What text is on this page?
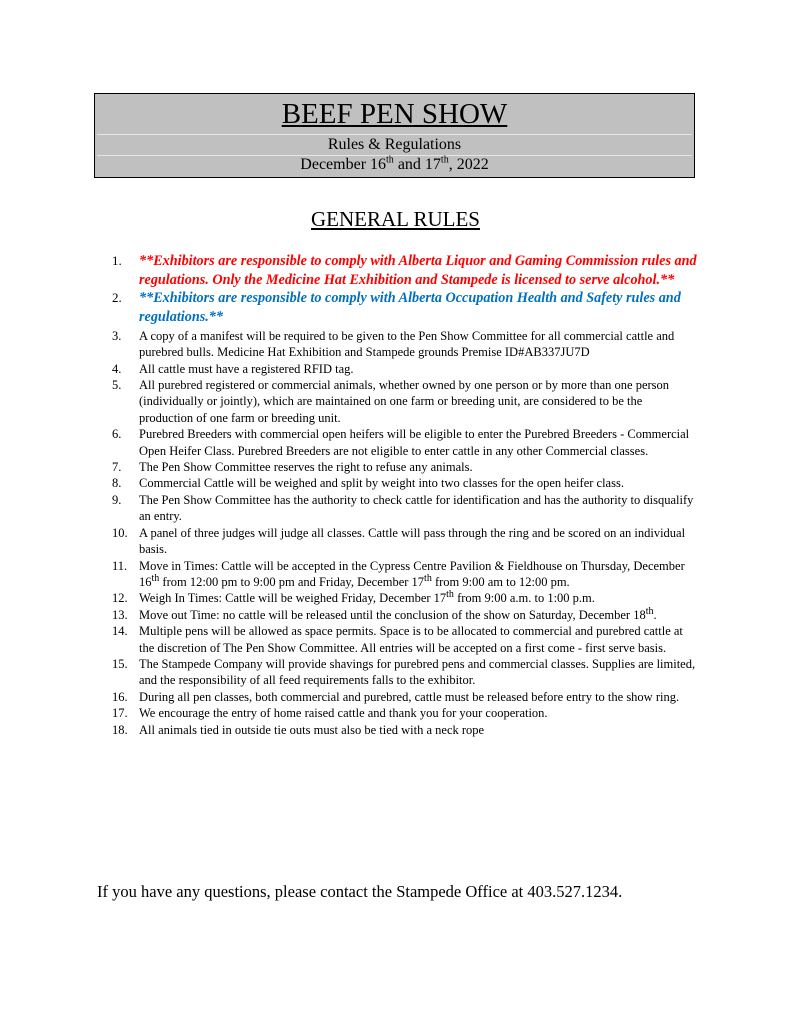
BEEF PEN SHOW
Rules & Regulations
December 16th and 17th, 2022
GENERAL RULES
1. **Exhibitors are responsible to comply with Alberta Liquor and Gaming Commission rules and regulations. Only the Medicine Hat Exhibition and Stampede is licensed to serve alcohol.**
2. **Exhibitors are responsible to comply with Alberta Occupation Health and Safety rules and regulations.**
3. A copy of a manifest will be required to be given to the Pen Show Committee for all commercial cattle and purebred bulls. Medicine Hat Exhibition and Stampede grounds Premise ID#AB337JU7D
4. All cattle must have a registered RFID tag.
5. All purebred registered or commercial animals, whether owned by one person or by more than one person (individually or jointly), which are maintained on one farm or breeding unit, are considered to be the production of one farm or breeding unit.
6. Purebred Breeders with commercial open heifers will be eligible to enter the Purebred Breeders - Commercial Open Heifer Class. Purebred Breeders are not eligible to enter cattle in any other Commercial classes.
7. The Pen Show Committee reserves the right to refuse any animals.
8. Commercial Cattle will be weighed and split by weight into two classes for the open heifer class.
9. The Pen Show Committee has the authority to check cattle for identification and has the authority to disqualify an entry.
10. A panel of three judges will judge all classes. Cattle will pass through the ring and be scored on an individual basis.
11. Move in Times: Cattle will be accepted in the Cypress Centre Pavilion & Fieldhouse on Thursday, December 16th from 12:00 pm to 9:00 pm and Friday, December 17th from 9:00 am to 12:00 pm.
12. Weigh In Times: Cattle will be weighed Friday, December 17th from 9:00 a.m. to 1:00 p.m.
13. Move out Time: no cattle will be released until the conclusion of the show on Saturday, December 18th.
14. Multiple pens will be allowed as space permits. Space is to be allocated to commercial and purebred cattle at the discretion of The Pen Show Committee. All entries will be accepted on a first come - first serve basis.
15. The Stampede Company will provide shavings for purebred pens and commercial classes. Supplies are limited, and the responsibility of all feed requirements falls to the exhibitor.
16. During all pen classes, both commercial and purebred, cattle must be released before entry to the show ring.
17. We encourage the entry of home raised cattle and thank you for your cooperation.
18. All animals tied in outside tie outs must also be tied with a neck rope
If you have any questions, please contact the Stampede Office at 403.527.1234.
